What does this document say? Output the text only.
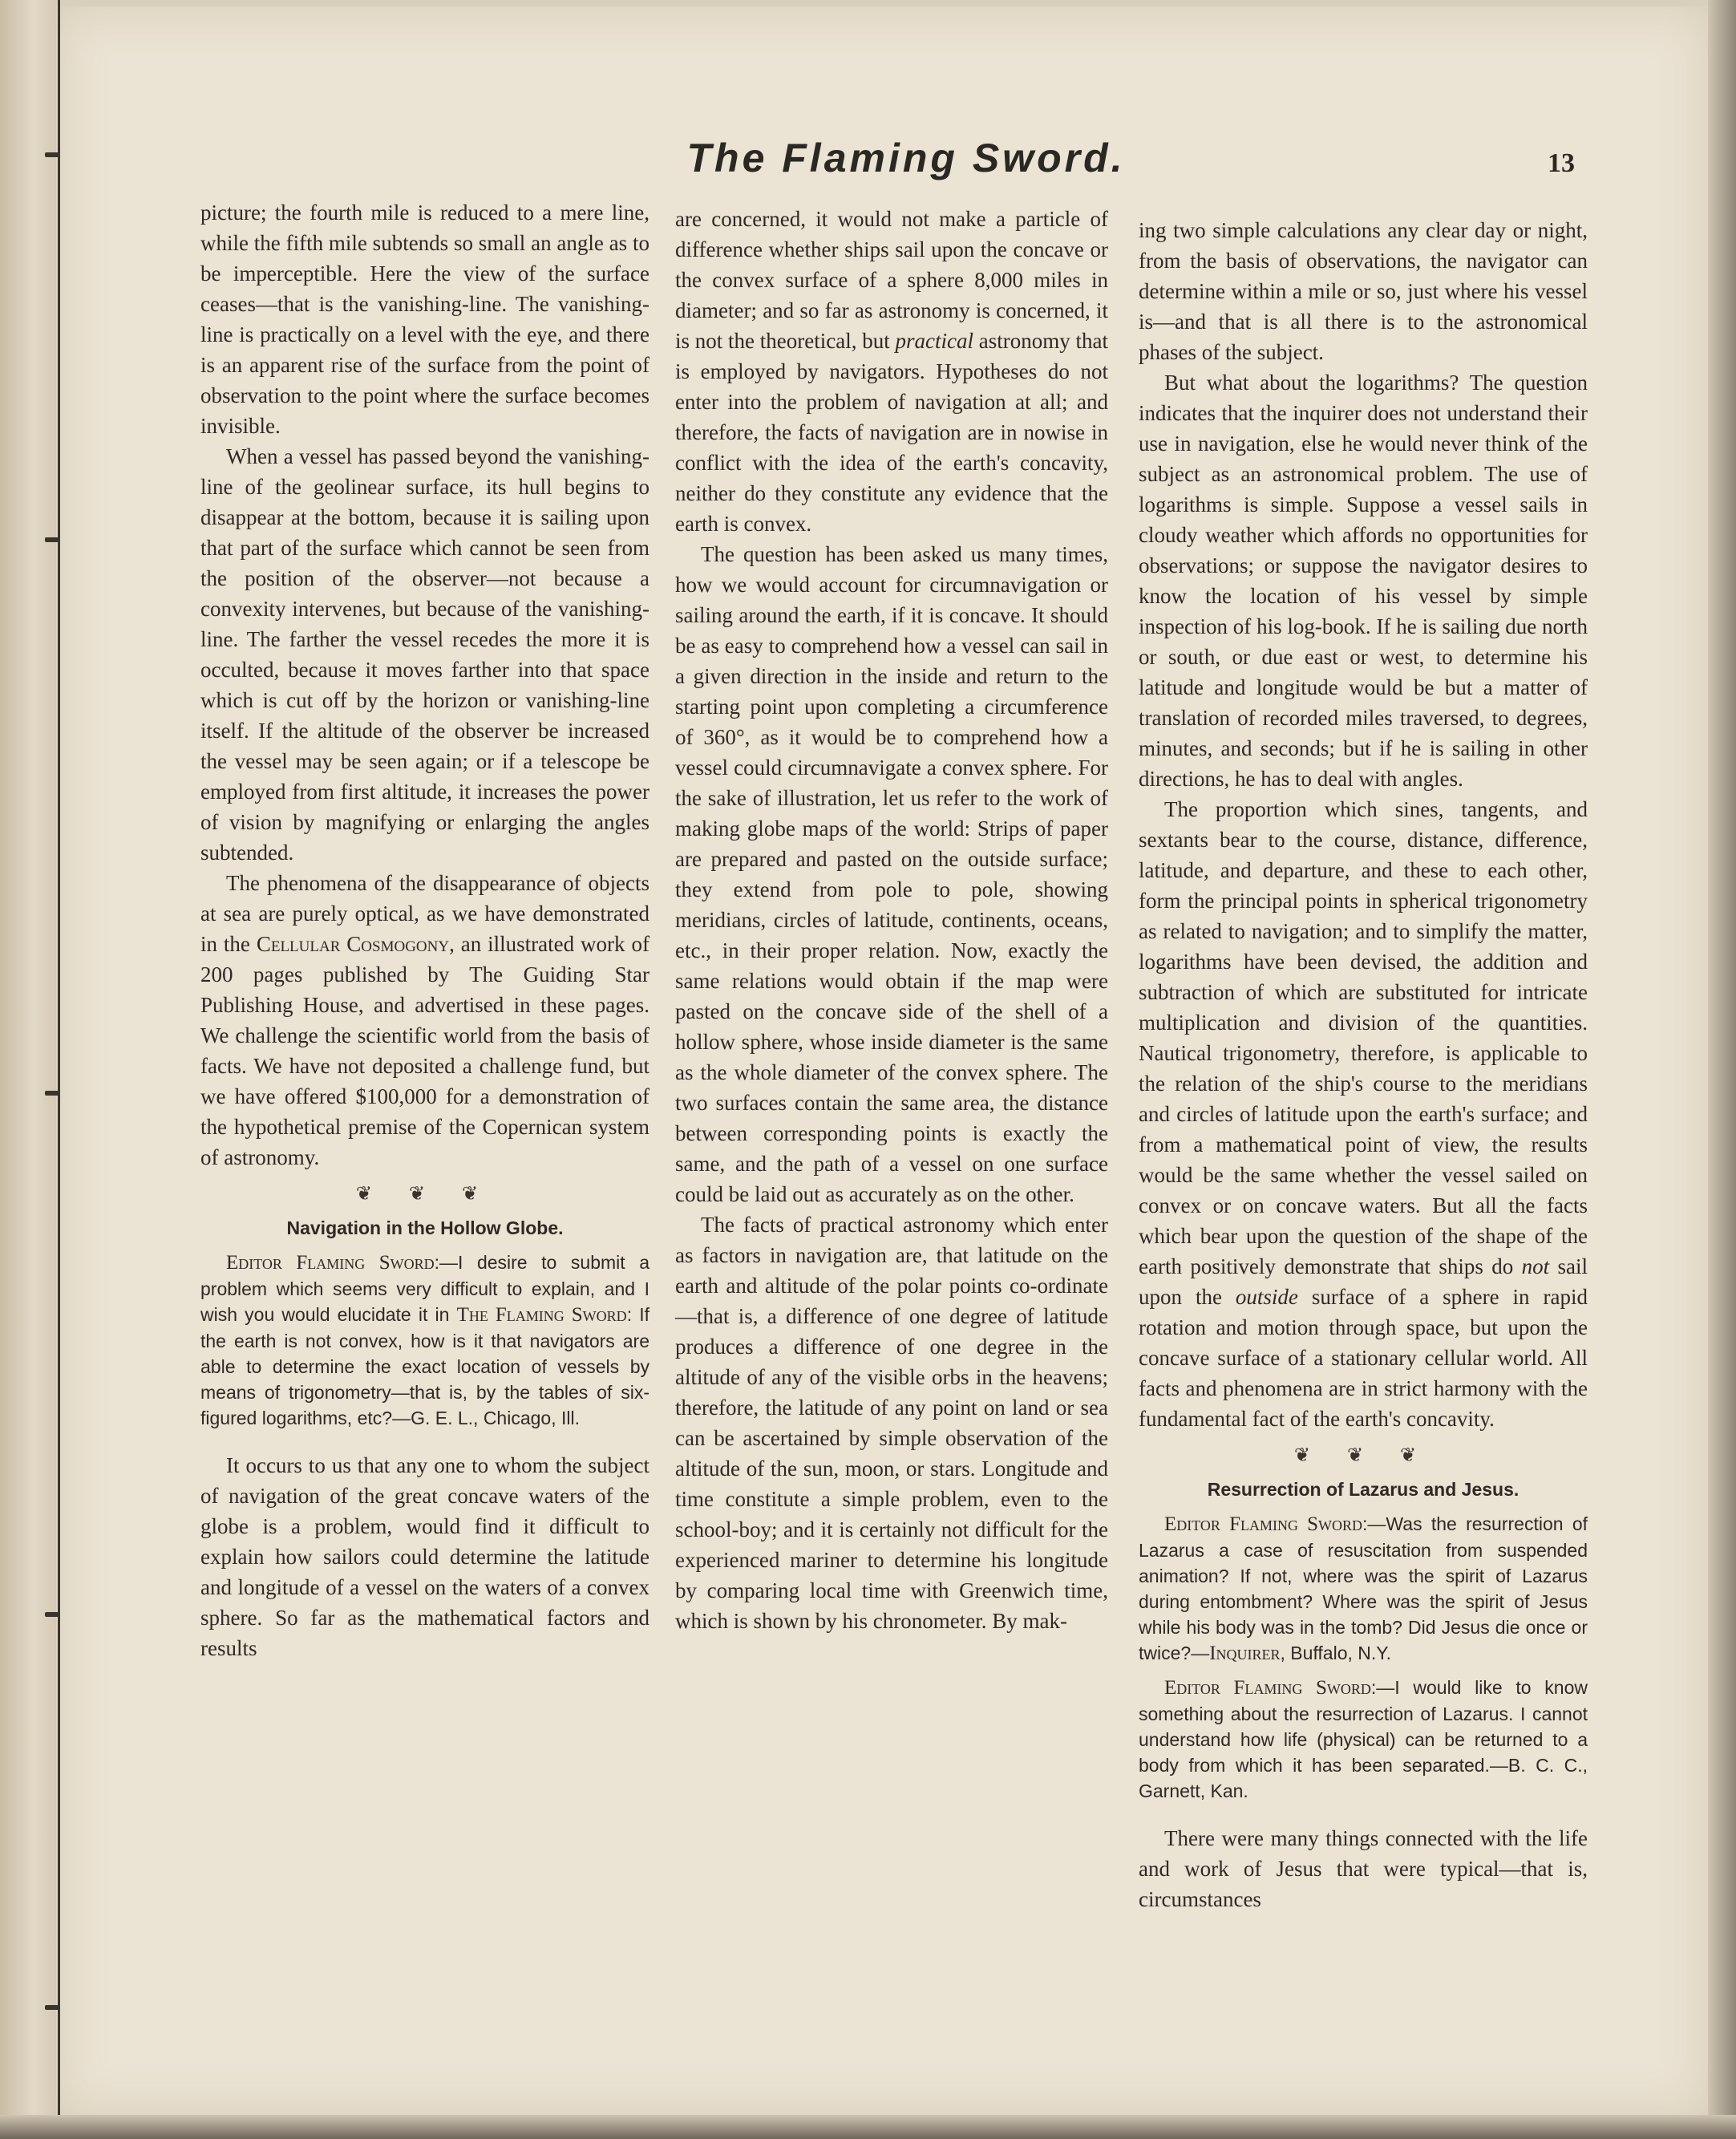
The Flaming Sword.	13

picture; the fourth mile is reduced to a mere line, while the fifth mile subtends so small an angle as to be imperceptible. Here the view of the surface ceases—that is the vanishing-line. The vanishing-line is practically on a level with the eye, and there is an apparent rise of the surface from the point of observation to the point where the surface becomes invisible.

When a vessel has passed beyond the vanishing-line of the geolinear surface, its hull begins to disappear at the bottom, because it is sailing upon that part of the surface which cannot be seen from the position of the observer—not because a convexity intervenes, but because of the vanishing-line. The farther the vessel recedes the more it is occulted, because it moves farther into that space which is cut off by the horizon or vanishing-line itself. If the altitude of the observer be increased the vessel may be seen again; or if a telescope be employed from first altitude, it increases the power of vision by magnifying or enlarging the angles subtended.

The phenomena of the disappearance of objects at sea are purely optical, as we have demonstrated in the Cellular Cosmogony, an illustrated work of 200 pages published by The Guiding Star Publishing House, and advertised in these pages. We challenge the scientific world from the basis of facts. We have not deposited a challenge fund, but we have offered $100,000 for a demonstration of the hypothetical premise of the Copernican system of astronomy.

❦ ❦ ❦
Navigation in the Hollow Globe.

Editor Flaming Sword:—I desire to submit a problem which seems very difficult to explain, and I wish you would elucidate it in The Flaming Sword: If the earth is not convex, how is it that navigators are able to determine the exact location of vessels by means of trigonometry—that is, by the tables of six-figured logarithms, etc?—G. E. L., Chicago, Ill.

It occurs to us that any one to whom the subject of navigation of the great concave waters of the globe is a problem, would find it difficult to explain how sailors could determine the latitude and longitude of a vessel on the waters of a convex sphere. So far as the mathematical factors and results

are concerned, it would not make a particle of difference whether ships sail upon the concave or the convex surface of a sphere 8,000 miles in diameter; and so far as astronomy is concerned, it is not the theoretical, but practical astronomy that is employed by navigators. Hypotheses do not enter into the problem of navigation at all; and therefore, the facts of navigation are in nowise in conflict with the idea of the earth's concavity, neither do they constitute any evidence that the earth is convex.

The question has been asked us many times, how we would account for circumnavigation or sailing around the earth, if it is concave. It should be as easy to comprehend how a vessel can sail in a given direction in the inside and return to the starting point upon completing a circumference of 360°, as it would be to comprehend how a vessel could circumnavigate a convex sphere. For the sake of illustration, let us refer to the work of making globe maps of the world: Strips of paper are prepared and pasted on the outside surface; they extend from pole to pole, showing meridians, circles of latitude, continents, oceans, etc., in their proper relation. Now, exactly the same relations would obtain if the map were pasted on the concave side of the shell of a hollow sphere, whose inside diameter is the same as the whole diameter of the convex sphere. The two surfaces contain the same area, the distance between corresponding points is exactly the same, and the path of a vessel on one surface could be laid out as accurately as on the other.

The facts of practical astronomy which enter as factors in navigation are, that latitude on the earth and altitude of the polar points co-ordinate—that is, a difference of one degree of latitude produces a difference of one degree in the altitude of any of the visible orbs in the heavens; therefore, the latitude of any point on land or sea can be ascertained by simple observation of the altitude of the sun, moon, or stars. Longitude and time constitute a simple problem, even to the school-boy; and it is certainly not difficult for the experienced mariner to determine his longitude by comparing local time with Greenwich time, which is shown by his chronometer. By mak-

ing two simple calculations any clear day or night, from the basis of observations, the navigator can determine within a mile or so, just where his vessel is—and that is all there is to the astronomical phases of the subject.

But what about the logarithms? The question indicates that the inquirer does not understand their use in navigation, else he would never think of the subject as an astronomical problem. The use of logarithms is simple. Suppose a vessel sails in cloudy weather which affords no opportunities for observations; or suppose the navigator desires to know the location of his vessel by simple inspection of his log-book. If he is sailing due north or south, or due east or west, to determine his latitude and longitude would be but a matter of translation of recorded miles traversed, to degrees, minutes, and seconds; but if he is sailing in other directions, he has to deal with angles.

The proportion which sines, tangents, and sextants bear to the course, distance, difference, latitude, and departure, and these to each other, form the principal points in spherical trigonometry as related to navigation; and to simplify the matter, logarithms have been devised, the addition and subtraction of which are substituted for intricate multiplication and division of the quantities. Nautical trigonometry, therefore, is applicable to the relation of the ship's course to the meridians and circles of latitude upon the earth's surface; and from a mathematical point of view, the results would be the same whether the vessel sailed on convex or on concave waters. But all the facts which bear upon the question of the shape of the earth positively demonstrate that ships do not sail upon the outside surface of a sphere in rapid rotation and motion through space, but upon the concave surface of a stationary cellular world. All facts and phenomena are in strict harmony with the fundamental fact of the earth's concavity.

❦ ❦ ❦
Resurrection of Lazarus and Jesus.

Editor Flaming Sword:—Was the resurrection of Lazarus a case of resuscitation from suspended animation? If not, where was the spirit of Lazarus during entombment? Where was the spirit of Jesus while his body was in the tomb? Did Jesus die once or twice?—Inquirer, Buffalo, N.Y.

Editor Flaming Sword:—I would like to know something about the resurrection of Lazarus. I cannot understand how life (physical) can be returned to a body from which it has been separated.—B. C. C., Garnett, Kan.

There were many things connected with the life and work of Jesus that were typical—that is, circumstances
